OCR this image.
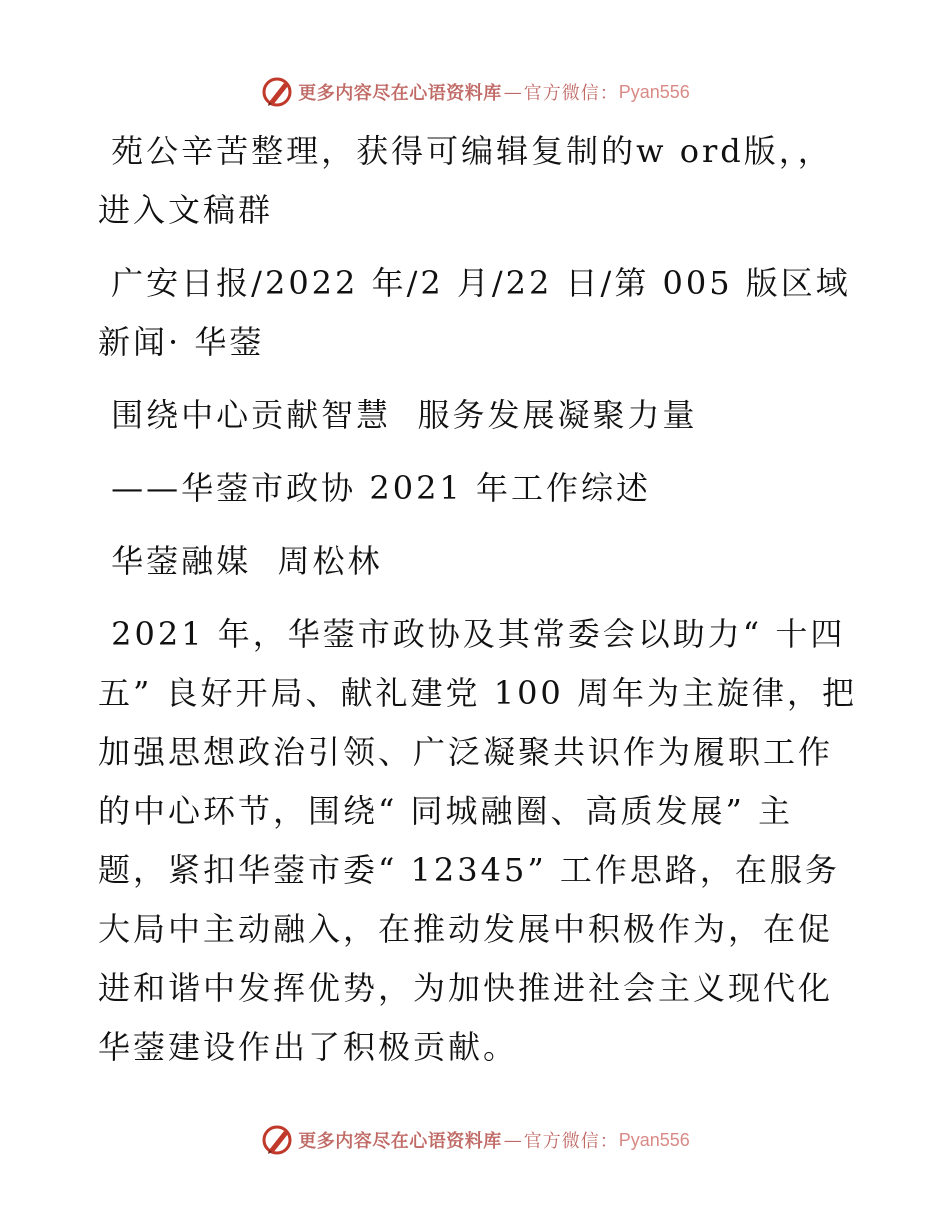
更多内容尽在心语资料库 — 官方微信： Pyan556

苑公辛苦整理，获得可编辑复制的w ord版，，进入文稿群

广安日报/2022 年/2 月/22 日/第 005 版区域新闻· 华蓥

围绕中心贡献智慧  服务发展凝聚力量

——华蓥市政协 2021 年工作综述

华蓥融媒  周松林

2021 年，华蓥市政协及其常委会以助力“ 十四五” 良好开局、献礼建党 100 周年为主旋律，把加强思想政治引领、广泛凝聚共识作为履职工作的中心环节，围绕“ 同城融圈、高质发展” 主题，紧扣华蓥市委“ 12345” 工作思路，在服务大局中主动融入，在推动发展中积极作为，在促进和谐中发挥优势，为加快推进社会主义现代化华蓥建设作出了积极贡献。

更多内容尽在心语资料库 — 官方微信： Pyan556
